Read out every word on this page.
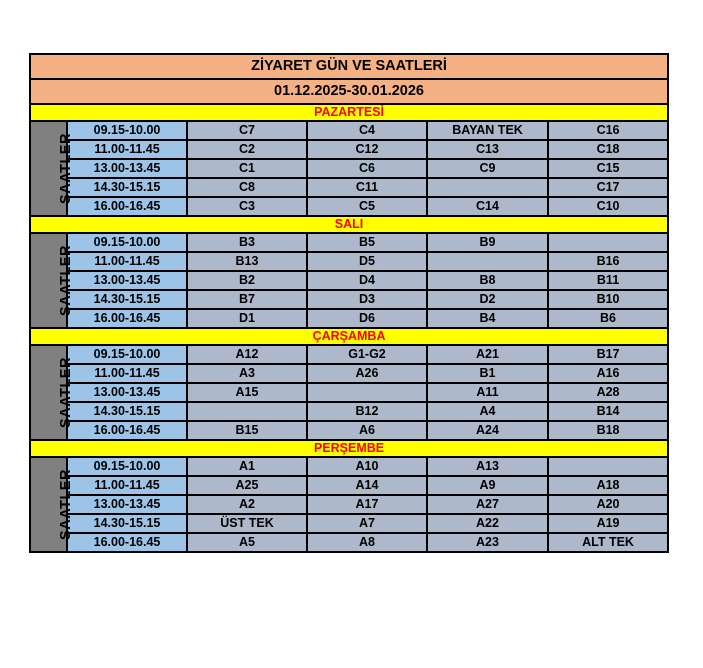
ZİYARET GÜN VE SAATLERİ					
01.12.2025-30.01.2026					
PAZARTESİ					
SAATLER	09.15-10.00	C7	C4	BAYAN TEK	C16
	11.00-11.45	C2	C12	C13	C18
	13.00-13.45	C1	C6	C9	C15
	14.30-15.15	C8	C11		C17
	16.00-16.45	C3	C5	C14	C10
SALI					
SAATLER	09.15-10.00	B3	B5	B9	
	11.00-11.45	B13	D5		B16
	13.00-13.45	B2	D4	B8	B11
	14.30-15.15	B7	D3	D2	B10
	16.00-16.45	D1	D6	B4	B6
ÇARŞAMBA					
SAATLER	09.15-10.00	A12	G1-G2	A21	B17
	11.00-11.45	A3	A26	B1	A16
	13.00-13.45	A15		A11	A28
	14.30-15.15		B12	A4	B14
	16.00-16.45	B15	A6	A24	B18
PERŞEMBE					
SAATLER	09.15-10.00	A1	A10	A13	
	11.00-11.45	A25	A14	A9	A18
	13.00-13.45	A2	A17	A27	A20
	14.30-15.15	ÜST TEK	A7	A22	A19
	16.00-16.45	A5	A8	A23	ALT TEK
